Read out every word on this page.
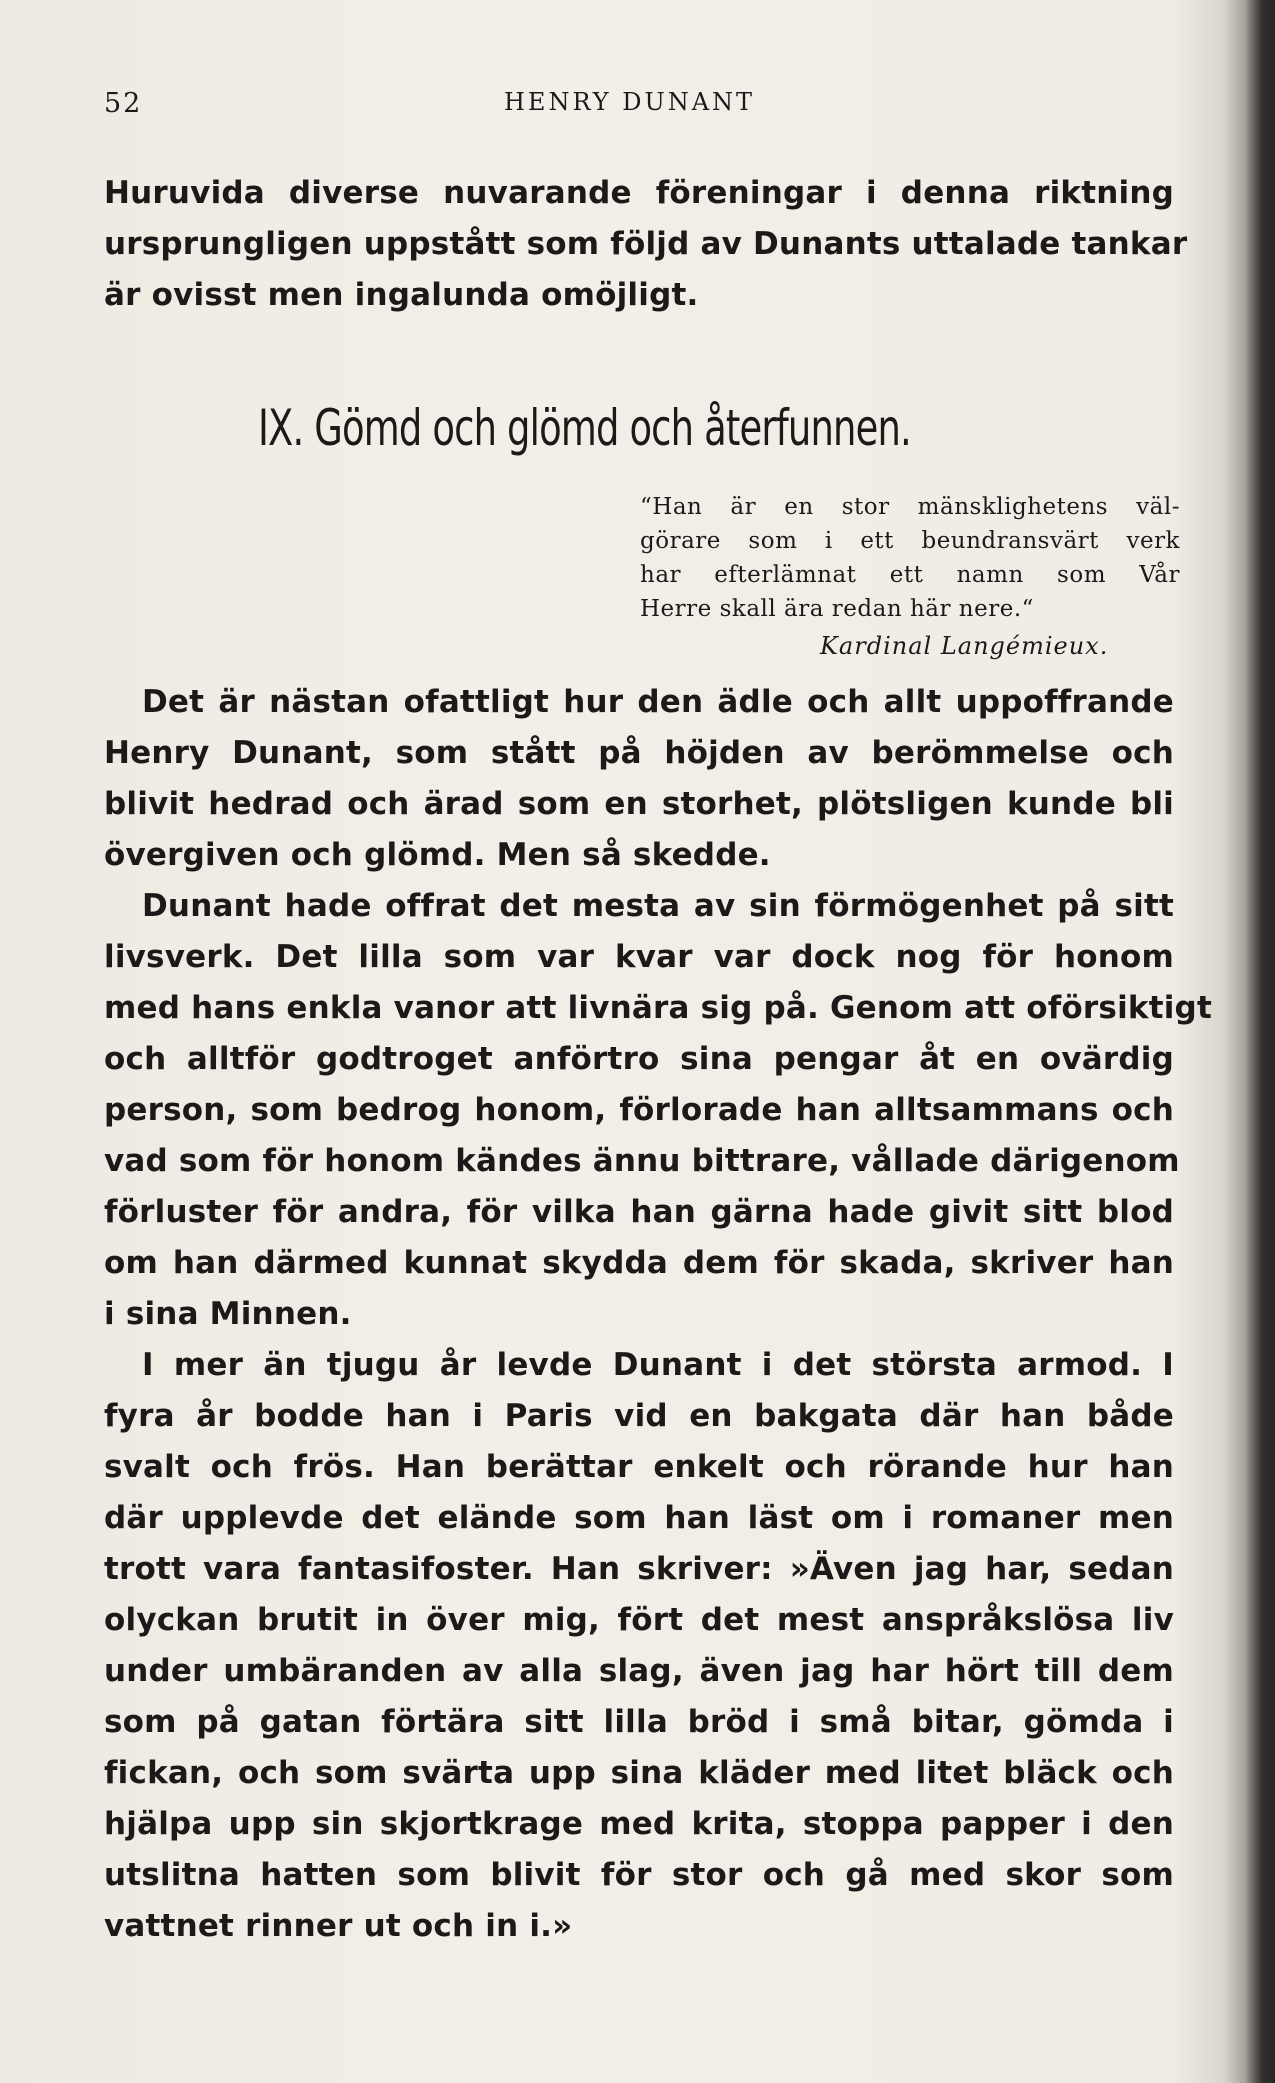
52	HENRY DUNANT
Huruvida diverse nuvarande föreningar i denna riktning
ursprungligen uppstått som följd av Dunants uttalade tankar
är ovisst men ingalunda omöjligt.
IX. Gömd och glömd och återfunnen.
“Han är en stor mänsklighetens väl-
görare som i ett beundransvärt verk
har efterlämnat ett namn som Vår
Herre skall ära redan här nere.“
Kardinal Langémieux.
Det är nästan ofattligt hur den ädle och allt uppoffrande
Henry Dunant, som stått på höjden av berömmelse och
blivit hedrad och ärad som en storhet, plötsligen kunde bli
övergiven och glömd. Men så skedde.
Dunant hade offrat det mesta av sin förmögenhet på sitt
livsverk. Det lilla som var kvar var dock nog för honom
med hans enkla vanor att livnära sig på. Genom att oförsiktigt
och alltför godtroget anförtro sina pengar åt en ovärdig
person, som bedrog honom, förlorade han alltsammans och
vad som för honom kändes ännu bittrare, vållade därigenom
förluster för andra, för vilka han gärna hade givit sitt blod
om han därmed kunnat skydda dem för skada, skriver han
i sina Minnen.
I mer än tjugu år levde Dunant i det största armod. I
fyra år bodde han i Paris vid en bakgata där han både
svalt och frös. Han berättar enkelt och rörande hur han
där upplevde det elände som han läst om i romaner men
trott vara fantasifoster. Han skriver: »Även jag har, sedan
olyckan brutit in över mig, fört det mest anspråkslösa liv
under umbäranden av alla slag, även jag har hört till dem
som på gatan förtära sitt lilla bröd i små bitar, gömda i
fickan, och som svärta upp sina kläder med litet bläck och
hjälpa upp sin skjortkrage med krita, stoppa papper i den
utslitna hatten som blivit för stor och gå med skor som
vattnet rinner ut och in i.»
